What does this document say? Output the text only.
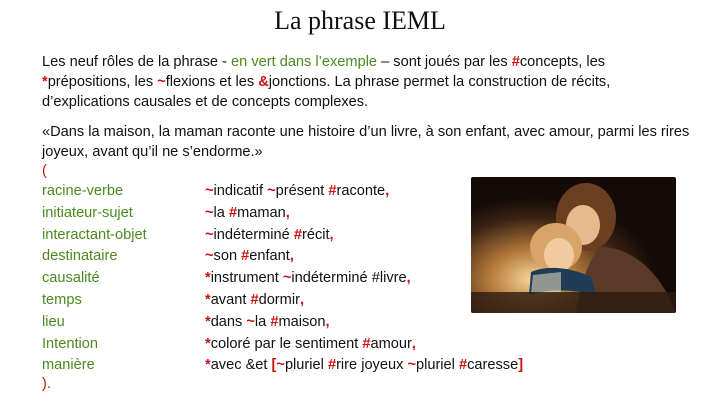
La phrase IEML
Les neuf rôles de la phrase - en vert dans l’exemple – sont joués par les #concepts, les *prépositions, les ~flexions et les &jonctions. La phrase permet la construction de récits, d’explications causales et de concepts complexes.
«Dans la maison, la maman raconte une histoire d’un livre, à son enfant, avec amour, parmi les rires joyeux, avant qu’il ne s’endorme.»
(
racine-verbe	~indicatif ~présent #raconte,
initiateur-sujet	~la #maman,
interactant-objet	~indéterminé #récit,
destinataire	~son #enfant,
causalité	*instrument ~indéterminé #livre,
temps	*avant #dormir,
lieu	*dans ~la #maison,
Intention	*coloré par le sentiment #amour,
manière	*avec &et [~pluriel #rire joyeux ~pluriel #caresse]
).
